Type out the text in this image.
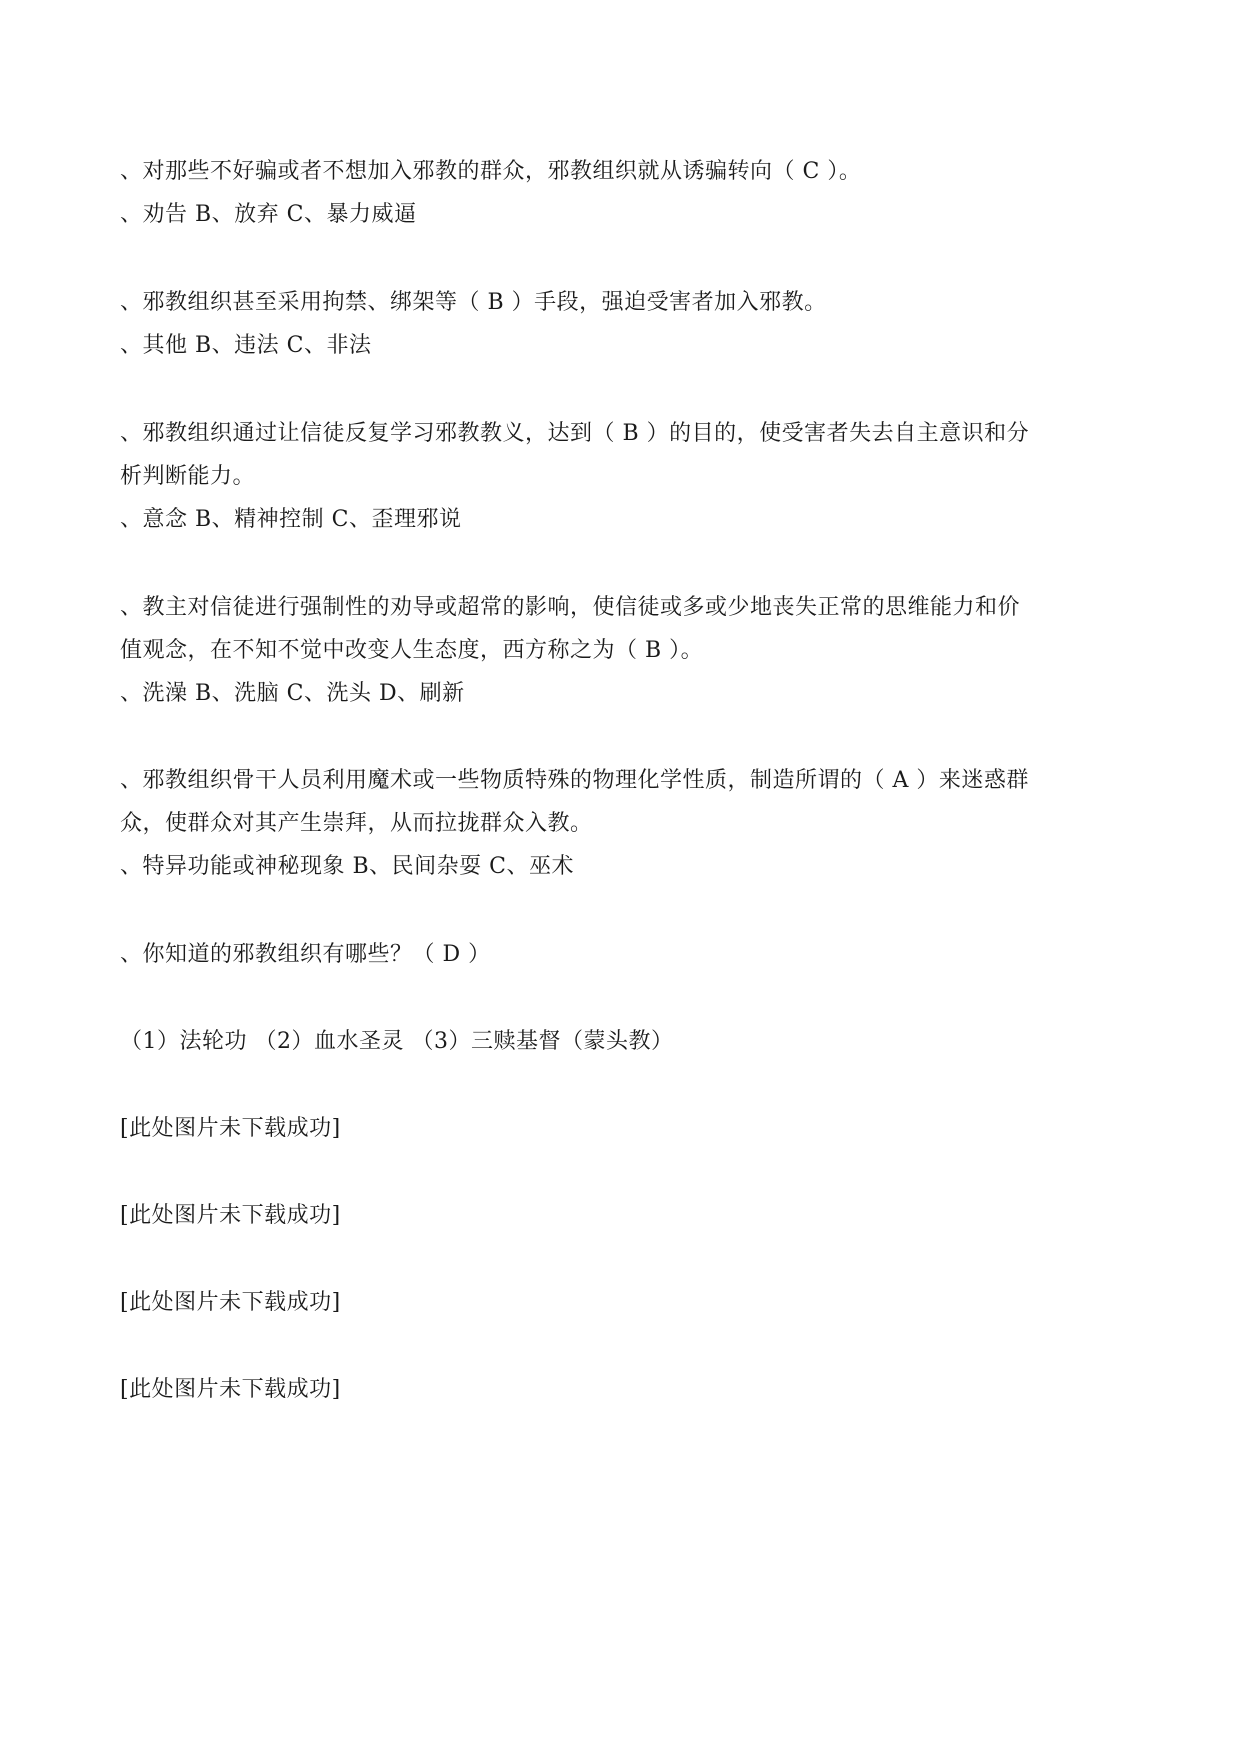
、对那些不好骗或者不想加入邪教的群众，邪教组织就从诱骗转向（ C ）。
、劝告 B、放弃 C、暴力威逼
、邪教组织甚至采用拘禁、绑架等（ B ）手段，强迫受害者加入邪教。
、其他 B、违法 C、非法
、邪教组织通过让信徒反复学习邪教教义，达到（ B ）的目的，使受害者失去自主意识和分
析判断能力。
、意念 B、精神控制 C、歪理邪说
、教主对信徒进行强制性的劝导或超常的影响，使信徒或多或少地丧失正常的思维能力和价
值观念，在不知不觉中改变人生态度，西方称之为（ B ）。
、洗澡 B、洗脑 C、洗头 D、刷新
、邪教组织骨干人员利用魔术或一些物质特殊的物理化学性质，制造所谓的（ A ）来迷惑群
众，使群众对其产生崇拜，从而拉拢群众入教。
、特异功能或神秘现象 B、民间杂耍 C、巫术
、你知道的邪教组织有哪些？（ D ）
（1）法轮功 （2）血水圣灵 （3）三赎基督（蒙头教）
[此处图片未下载成功]
[此处图片未下载成功]
[此处图片未下载成功]
[此处图片未下载成功]
